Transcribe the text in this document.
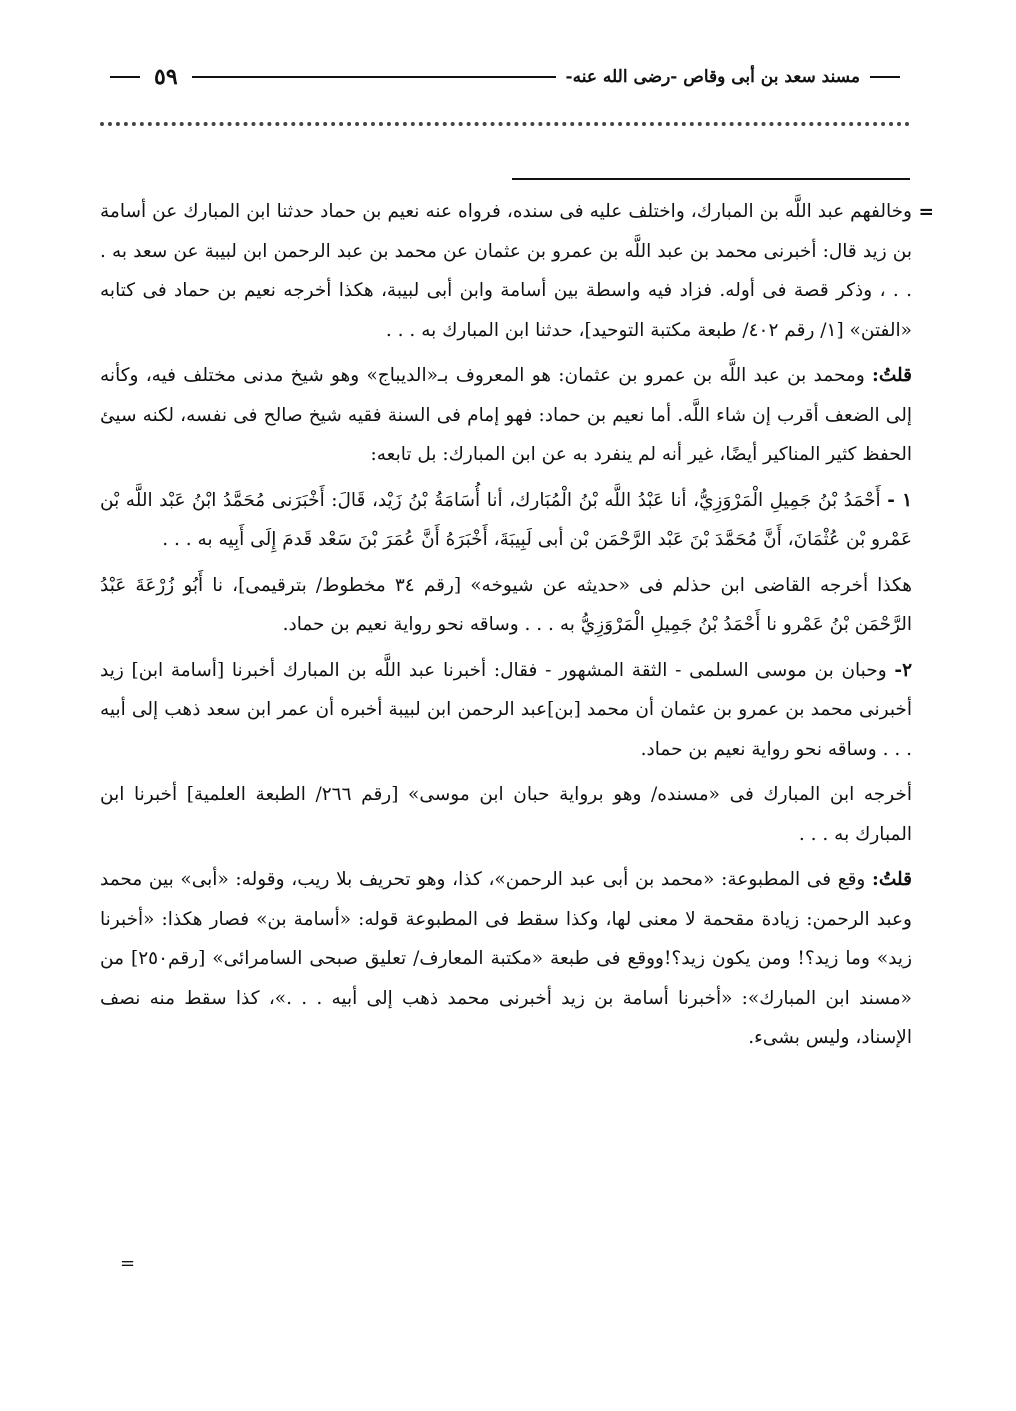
مسند سعد بن أبى وقاص -رضى الله عنه-
٥٩

=
وخالفهم عبد اللَّه بن المبارك، واختلف عليه فى سنده، فرواه عنه نعيم بن حماد حدثنا ابن المبارك عن أسامة بن زيد قال: أخبرنى محمد بن عبد اللَّه بن عمرو بن عثمان عن محمد بن عبد الرحمن ابن لبيبة عن سعد به . . . ، وذكر قصة فى أوله. فزاد فيه واسطة بين أسامة وابن أبى لبيبة، هكذا أخرجه نعيم بن حماد فى كتابه «الفتن» [١/ رقم ٤٠٢/ طبعة مكتبة التوحيد]، حدثنا ابن المبارك به . . .

قلتُ: ومحمد بن عبد اللَّه بن عمرو بن عثمان: هو المعروف بـ«الديباج» وهو شيخ مدنى مختلف فيه، وكأنه إلى الضعف أقرب إن شاء اللَّه. أما نعيم بن حماد: فهو إمام فى السنة فقيه شيخ صالح فى نفسه، لكنه سيئ الحفظ كثير المناكير أيضًا، غير أنه لم ينفرد به عن ابن المبارك: بل تابعه:

١ - أَحْمَدُ بْنُ جَمِيلِ الْمَرْوَزِيُّ، أنا عَبْدُ اللَّه بْنُ الْمُبَارك، أنا أُسَامَةُ بْنُ زَيْد، قَالَ: أَخْبَرَنى مُحَمَّدُ ابْنُ عَبْد اللَّه بْن عَمْرو بْن عُثْمَانَ، أَنَّ مُحَمَّدَ بْنَ عَبْد الرَّحْمَن بْن أبى لَبِيبَةَ، أَخْبَرَهُ أَنَّ عُمَرَ بْنَ سَعْد قَدمَ إِلَى أَبِيه به . . .

هكذا أخرجه القاضى ابن حذلم فى «حديثه عن شيوخه» [رقم ٣٤ مخطوط/ بترقيمى]، نا أَبُو زُرْعَةَ عَبْدُ الرَّحْمَن بْنُ عَمْرو نا أَحْمَدُ بْنُ جَمِيلِ الْمَرْوَزِيُّ به . . . وساقه نحو رواية نعيم بن حماد.

٢- وحبان بن موسى السلمى - الثقة المشهور - فقال: أخبرنا عبد اللَّه بن المبارك أخبرنا [أسامة ابن] زيد أخبرنى محمد بن عمرو بن عثمان أن محمد [بن]عبد الرحمن ابن لبيبة أخبره أن عمر ابن سعد ذهب إلى أبيه . . . وساقه نحو رواية نعيم بن حماد.

أخرجه ابن المبارك فى «مسنده/ وهو برواية حبان ابن موسى» [رقم ٢٦٦/ الطبعة العلمية] أخبرنا ابن المبارك به . . .

قلتُ: وقع فى المطبوعة: «محمد بن أبى عبد الرحمن»، كذا، وهو تحريف بلا ريب، وقوله: «أبى» بين محمد وعبد الرحمن: زيادة مقحمة لا معنى لها، وكذا سقط فى المطبوعة قوله: «أسامة بن» فصار هكذا: «أخبرنا زيد» وما زيد؟! ومن يكون زيد؟!ووقع فى طبعة «مكتبة المعارف/ تعليق صبحى السامرائى» [رقم٢٥٠] من «مسند ابن المبارك»: «أخبرنا أسامة بن زيد أخبرنى محمد ذهب إلى أبيه . . .»، كذا سقط منه نصف الإسناد، وليس بشىء.

=
